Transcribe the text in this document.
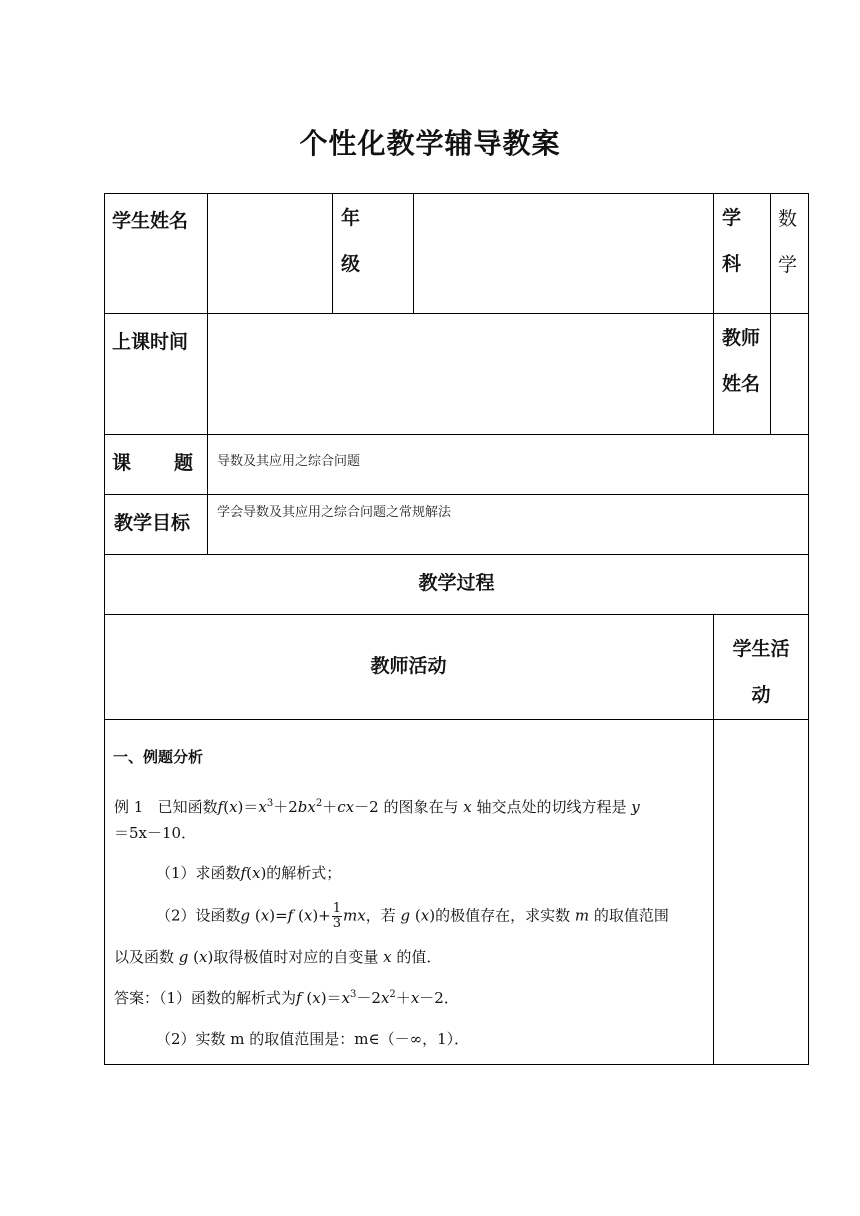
个性化教学辅导教案
学生姓名	年
级
学
科
数
学
上课时间	教师
姓名
课 题 导数及其应用之综合问题
教学目标 学会导数及其应用之综合问题之常规解法
教学过程
教师活动
学生活
动
一、例题分析
例 1 已知函数$f(x)=x^3+2bx^2+cx-2$ 的图象在与 x 轴交点处的切线方程是 y
＝5x－10．
（1）求函数f(x)的解析式；
（2）设函数g (x)=f $(x)+ \frac{1}{3}$ mx，若 g (x)的极值存在，求实数 m 的取值范围
以及函数 g (x)取得极值时对应的自变量 x 的值．
答案：（1）函数的解析式为f $(x)=x^3-2x^2+x-2$．
（2）实数 m 的取值范围是：m∈（－∞，1）．
